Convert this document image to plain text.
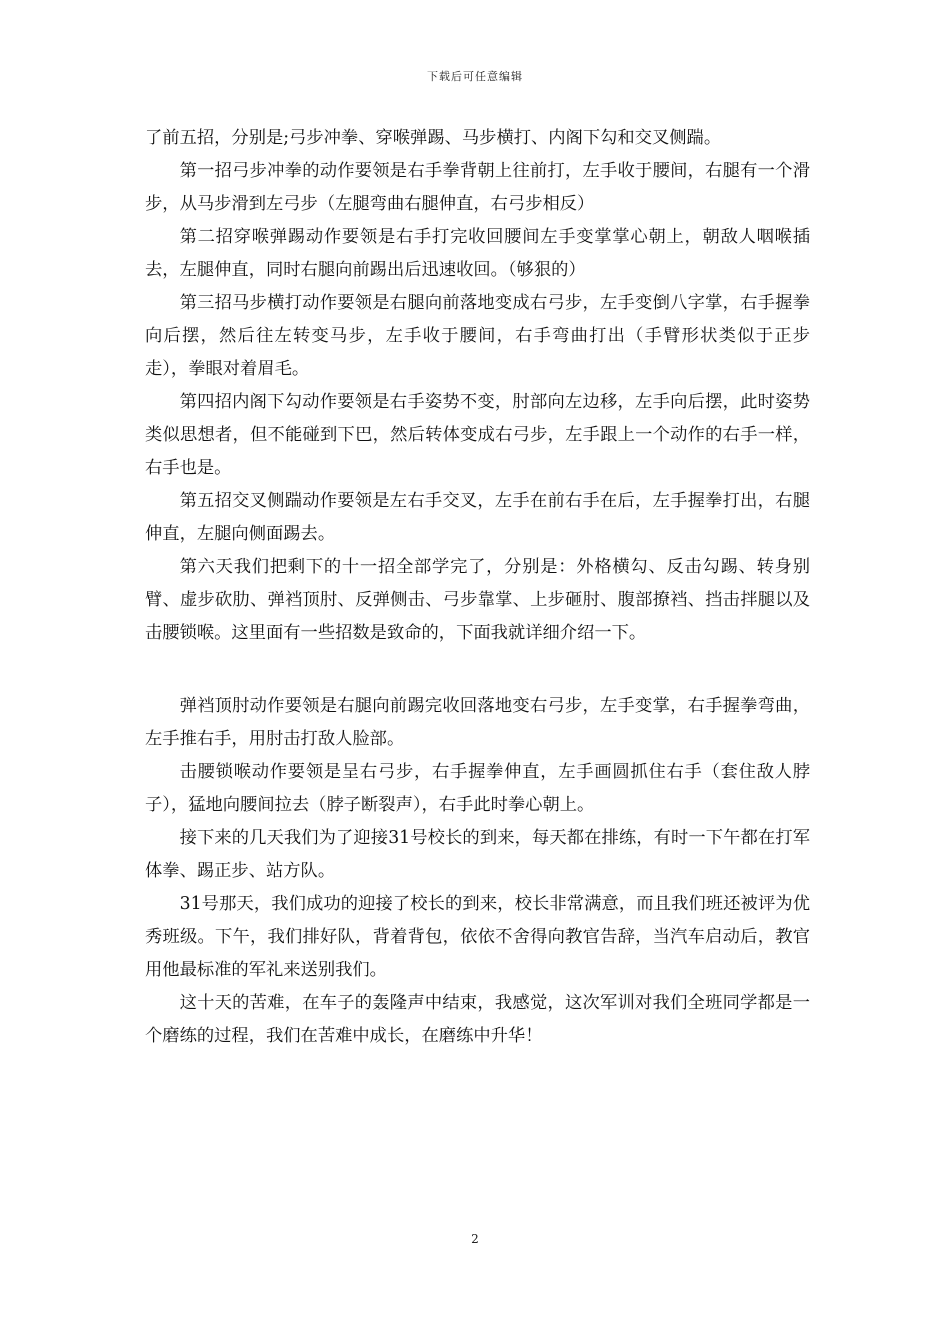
下载后可任意编辑

了前五招，分别是;弓步冲拳、穿喉弹踢、马步横打、内阁下勾和交叉侧踹。

第一招弓步冲拳的动作要领是右手拳背朝上往前打，左手收于腰间，右腿有一个滑步，从马步滑到左弓步（左腿弯曲右腿伸直，右弓步相反）

第二招穿喉弹踢动作要领是右手打完收回腰间左手变掌掌心朝上，朝敌人咽喉插去，左腿伸直，同时右腿向前踢出后迅速收回。（够狠的）

第三招马步横打动作要领是右腿向前落地变成右弓步，左手变倒八字掌，右手握拳向后摆，然后往左转变马步，左手收于腰间，右手弯曲打出（手臂形状类似于正步走），拳眼对着眉毛。

第四招内阁下勾动作要领是右手姿势不变，肘部向左边移，左手向后摆，此时姿势类似思想者，但不能碰到下巴，然后转体变成右弓步，左手跟上一个动作的右手一样，右手也是。

第五招交叉侧踹动作要领是左右手交叉，左手在前右手在后，左手握拳打出，右腿伸直，左腿向侧面踢去。

第六天我们把剩下的十一招全部学完了，分别是：外格横勾、反击勾踢、转身别臂、虚步砍肋、弹裆顶肘、反弹侧击、弓步靠掌、上步砸肘、腹部撩裆、挡击拌腿以及击腰锁喉。这里面有一些招数是致命的，下面我就详细介绍一下。

弹裆顶肘动作要领是右腿向前踢完收回落地变右弓步，左手变掌，右手握拳弯曲，左手推右手，用肘击打敌人脸部。

击腰锁喉动作要领是呈右弓步，右手握拳伸直，左手画圆抓住右手（套住敌人脖子），猛地向腰间拉去（脖子断裂声），右手此时拳心朝上。

接下来的几天我们为了迎接31号校长的到来，每天都在排练，有时一下午都在打军体拳、踢正步、站方队。

31号那天，我们成功的迎接了校长的到来，校长非常满意，而且我们班还被评为优秀班级。下午，我们排好队，背着背包，依依不舍得向教官告辞，当汽车启动后，教官用他最标准的军礼来送别我们。

这十天的苦难，在车子的轰隆声中结束，我感觉，这次军训对我们全班同学都是一个磨练的过程，我们在苦难中成长，在磨练中升华！

2
